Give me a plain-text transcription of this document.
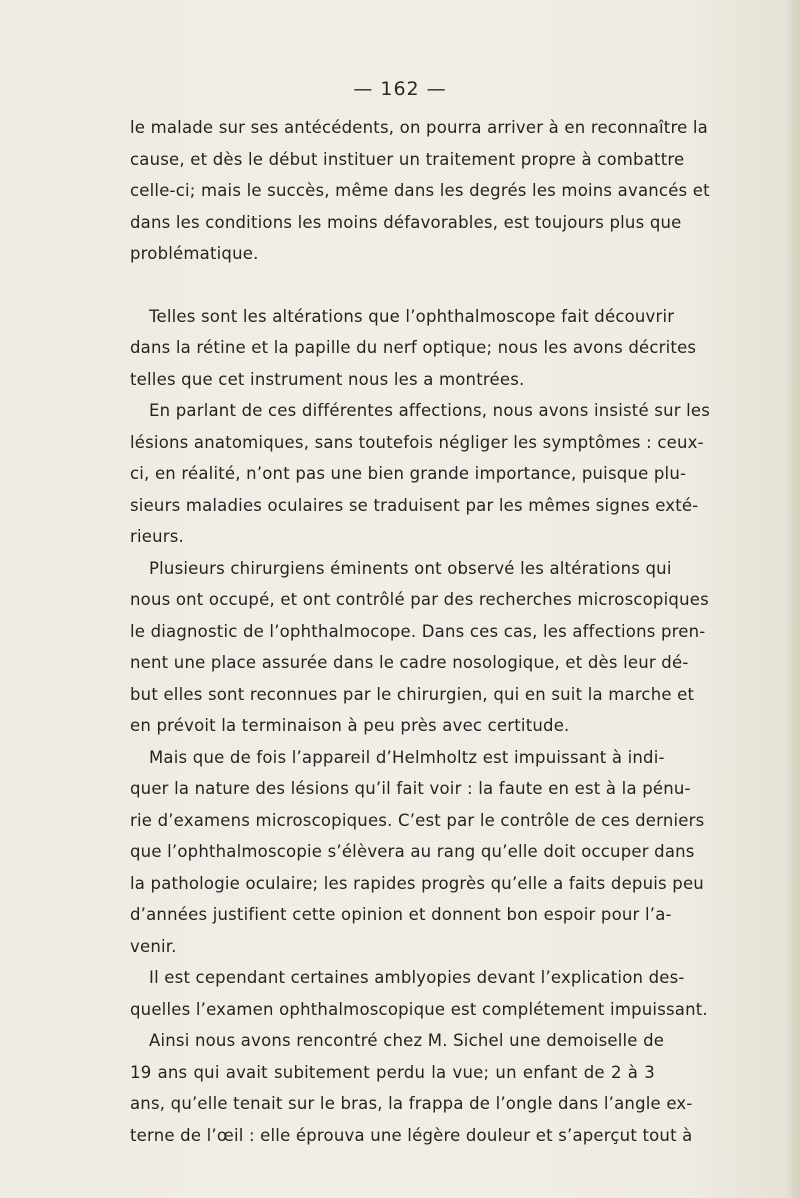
— 162 —
le malade sur ses antécédents, on pourra arriver à en reconnaître la
cause, et dès le début instituer un traitement propre à combattre
celle-ci; mais le succès, même dans les degrés les moins avancés et
dans les conditions les moins défavorables, est toujours plus que
problématique.
Telles sont les altérations que l’ophthalmoscope fait découvrir
dans la rétine et la papille du nerf optique; nous les avons décrites
telles que cet instrument nous les a montrées.
En parlant de ces différentes affections, nous avons insisté sur les
lésions anatomiques, sans toutefois négliger les symptômes : ceux-
ci, en réalité, n’ont pas une bien grande importance, puisque plu-
sieurs maladies oculaires se traduisent par les mêmes signes exté-
rieurs.
Plusieurs chirurgiens éminents ont observé les altérations qui
nous ont occupé, et ont contrôlé par des recherches microscopiques
le diagnostic de l’ophthalmocope. Dans ces cas, les affections pren-
nent une place assurée dans le cadre nosologique, et dès leur dé-
but elles sont reconnues par le chirurgien, qui en suit la marche et
en prévoit la terminaison à peu près avec certitude.
Mais que de fois l’appareil d’Helmholtz est impuissant à indi-
quer la nature des lésions qu’il fait voir : la faute en est à la pénu-
rie d’examens microscopiques. C’est par le contrôle de ces derniers
que l’ophthalmoscopie s’élèvera au rang qu’elle doit occuper dans
la pathologie oculaire; les rapides progrès qu’elle a faits depuis peu
d’années justifient cette opinion et donnent bon espoir pour l’a-
venir.
Il est cependant certaines amblyopies devant l’explication des-
quelles l’examen ophthalmoscopique est complétement impuissant.
Ainsi nous avons rencontré chez M. Sichel une demoiselle de
19 ans qui avait subitement perdu la vue; un enfant de 2 à 3
ans, qu’elle tenait sur le bras, la frappa de l’ongle dans l’angle ex-
terne de l’œil : elle éprouva une légère douleur et s’aperçut tout à
